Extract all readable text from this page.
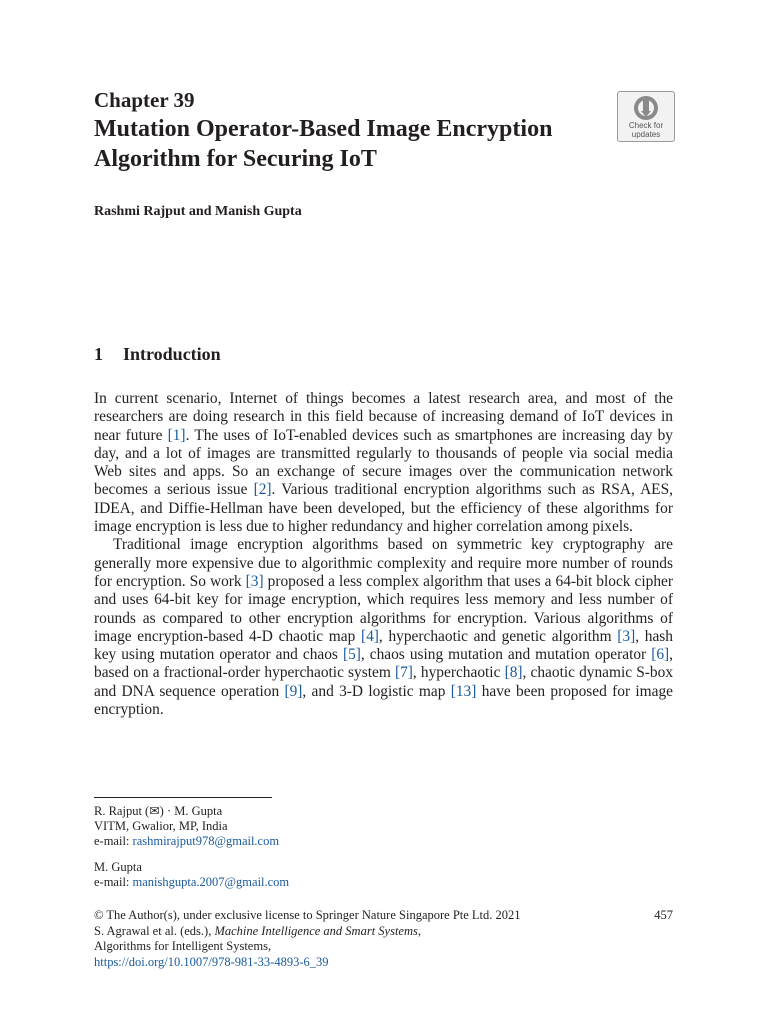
Chapter 39
Mutation Operator-Based Image Encryption Algorithm for Securing IoT
Check for
updates
Rashmi Rajput and Manish Gupta
1 Introduction

In current scenario, Internet of things becomes a latest research area, and most of the researchers are doing research in this field because of increasing demand of IoT devices in near future [1]. The uses of IoT-enabled devices such as smartphones are increasing day by day, and a lot of images are transmitted regularly to thousands of people via social media Web sites and apps. So an exchange of secure images over the communication network becomes a serious issue [2]. Various traditional encryption algorithms such as RSA, AES, IDEA, and Diffie-Hellman have been developed, but the efficiency of these algorithms for image encryption is less due to higher redundancy and higher correlation among pixels.

Traditional image encryption algorithms based on symmetric key cryptography are generally more expensive due to algorithmic complexity and require more number of rounds for encryption. So work [3] proposed a less complex algorithm that uses a 64-bit block cipher and uses 64-bit key for image encryption, which requires less memory and less number of rounds as compared to other encryption algorithms for encryption. Various algorithms of image encryption-based 4-D chaotic map [4], hyperchaotic and genetic algorithm [3], hash key using mutation operator and chaos [5], chaos using mutation and mutation operator [6], based on a fractional-order hyperchaotic system [7], hyperchaotic [8], chaotic dynamic S-box and DNA sequence operation [9], and 3-D logistic map [13] have been proposed for image encryption.

R. Rajput (✉) · M. Gupta
VITM, Gwalior, MP, India
e-mail: rashmirajput978@gmail.com
M. Gupta
e-mail: manishgupta.2007@gmail.com
© The Author(s), under exclusive license to Springer Nature Singapore Pte Ltd. 2021	457
S. Agrawal et al. (eds.), Machine Intelligence and Smart Systems,
Algorithms for Intelligent Systems,
https://doi.org/10.1007/978-981-33-4893-6_39
